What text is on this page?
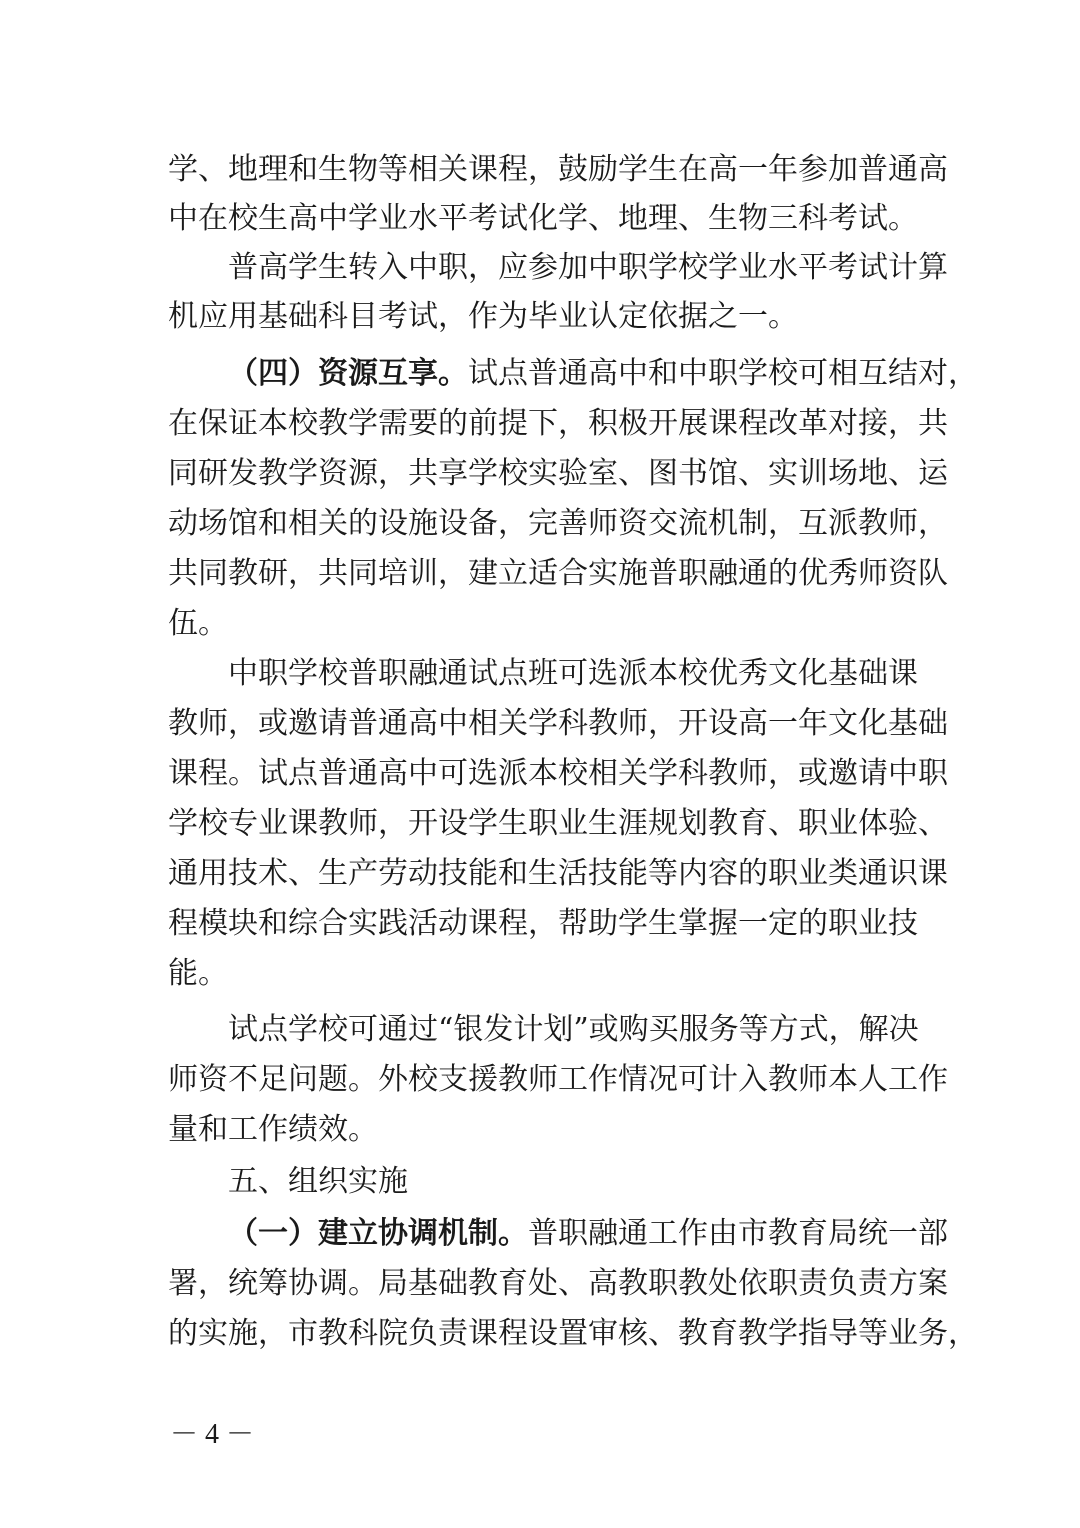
学、地理和生物等相关课程，鼓励学生在高一年参加普通高
中在校生高中学业水平考试化学、地理、生物三科考试。
普高学生转入中职，应参加中职学校学业水平考试计算
机应用基础科目考试，作为毕业认定依据之一。
（四）资源互享。试点普通高中和中职学校可相互结对，
在保证本校教学需要的前提下，积极开展课程改革对接，共
同研发教学资源，共享学校实验室、图书馆、实训场地、运
动场馆和相关的设施设备，完善师资交流机制，互派教师，
共同教研，共同培训，建立适合实施普职融通的优秀师资队
伍。
中职学校普职融通试点班可选派本校优秀文化基础课
教师，或邀请普通高中相关学科教师，开设高一年文化基础
课程。试点普通高中可选派本校相关学科教师，或邀请中职
学校专业课教师，开设学生职业生涯规划教育、职业体验、
通用技术、生产劳动技能和生活技能等内容的职业类通识课
程模块和综合实践活动课程，帮助学生掌握一定的职业技
能。
试点学校可通过“银发计划”或购买服务等方式，解决
师资不足问题。外校支援教师工作情况可计入教师本人工作
量和工作绩效。
五、组织实施
（一）建立协调机制。普职融通工作由市教育局统一部
署，统筹协调。局基础教育处、高教职教处依职责负责方案
的实施，市教科院负责课程设置审核、教育教学指导等业务，
－ 4 －
